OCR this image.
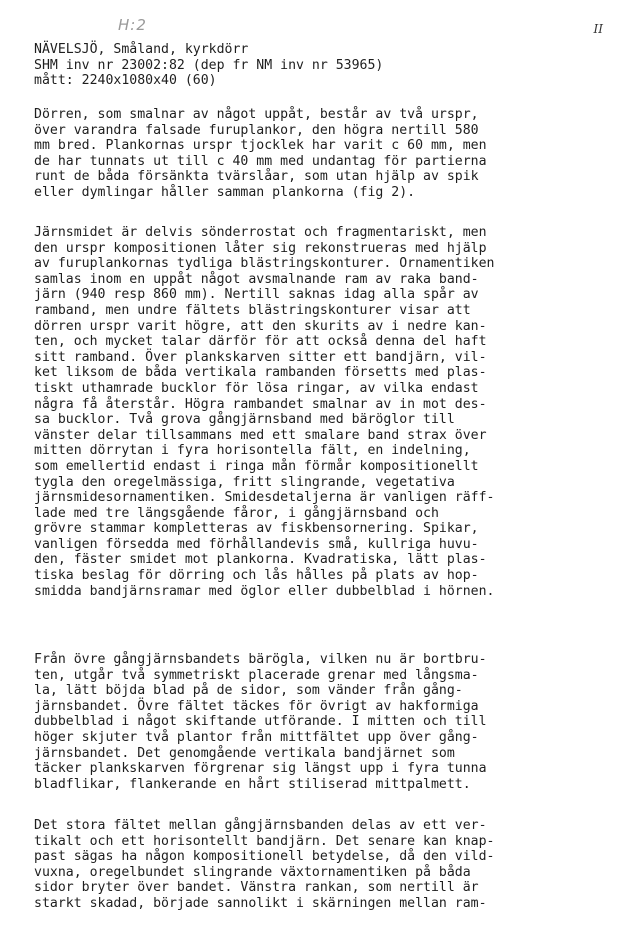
H:2	II
NÄVELSJÖ, Småland, kyrkdörr
SHM inv nr 23002:82 (dep fr NM inv nr 53965)
mått: 2240x1080x40 (60)
Dörren, som smalnar av något uppåt, består av två urspr,
över varandra falsade furuplankor, den högra nertill 580
mm bred. Plankornas urspr tjocklek har varit c 60 mm, men
de har tunnats ut till c 40 mm med undantag för partierna
runt de båda försänkta tvärslåar, som utan hjälp av spik
eller dymlingar håller samman plankorna (fig 2).
Järnsmidet är delvis sönderrostat och fragmentariskt, men
den urspr kompositionen låter sig rekonstrueras med hjälp
av furuplankornas tydliga blästringskonturer. Ornamentiken
samlas inom en uppåt något avsmalnande ram av raka band-
järn (940 resp 860 mm). Nertill saknas idag alla spår av
ramband, men undre fältets blästringskonturer visar att
dörren urspr varit högre, att den skurits av i nedre kan-
ten, och mycket talar därför för att också denna del haft
sitt ramband. Över plankskarven sitter ett bandjärn, vil-
ket liksom de båda vertikala rambanden försetts med plas-
tiskt uthamrade bucklor för lösa ringar, av vilka endast
några få återstår. Högra rambandet smalnar av in mot des-
sa bucklor. Två grova gångjärnsband med bäröglor till
vänster delar tillsammans med ett smalare band strax över
mitten dörrytan i fyra horisontella fält, en indelning,
som emellertid endast i ringa mån förmår kompositionellt
tygla den oregelmässiga, fritt slingrande, vegetativa
järnsmidesornamentiken. Smidesdetaljerna är vanligen räff-
lade med tre längsgående fåror, i gångjärnsband och
grövre stammar kompletteras av fiskbensornering. Spikar,
vanligen försedda med förhållandevis små, kullriga huvu-
den, fäster smidet mot plankorna. Kvadratiska, lätt plas-
tiska beslag för dörring och lås hålles på plats av hop-
smidda bandjärnsramar med öglor eller dubbelblad i hörnen.
Från övre gångjärnsbandets bärögla, vilken nu är bortbru-
ten, utgår två symmetriskt placerade grenar med långsma-
la, lätt böjda blad på de sidor, som vänder från gång-
järnsbandet. Övre fältet täckes för övrigt av hakformiga
dubbelblad i något skiftande utförande. I mitten och till
höger skjuter två plantor från mittfältet upp över gång-
järnsbandet. Det genomgående vertikala bandjärnet som
täcker plankskarven förgrenar sig längst upp i fyra tunna
bladflikar, flankerande en hårt stiliserad mittpalmett.
Det stora fältet mellan gångjärnsbanden delas av ett ver-
tikalt och ett horisontellt bandjärn. Det senare kan knap-
past sägas ha någon kompositionell betydelse, då den vild-
vuxna, oregelbundet slingrande växtornamentiken på båda
sidor bryter över bandet. Vänstra rankan, som nertill är
starkt skadad, började sannolikt i skärningen mellan ram-
